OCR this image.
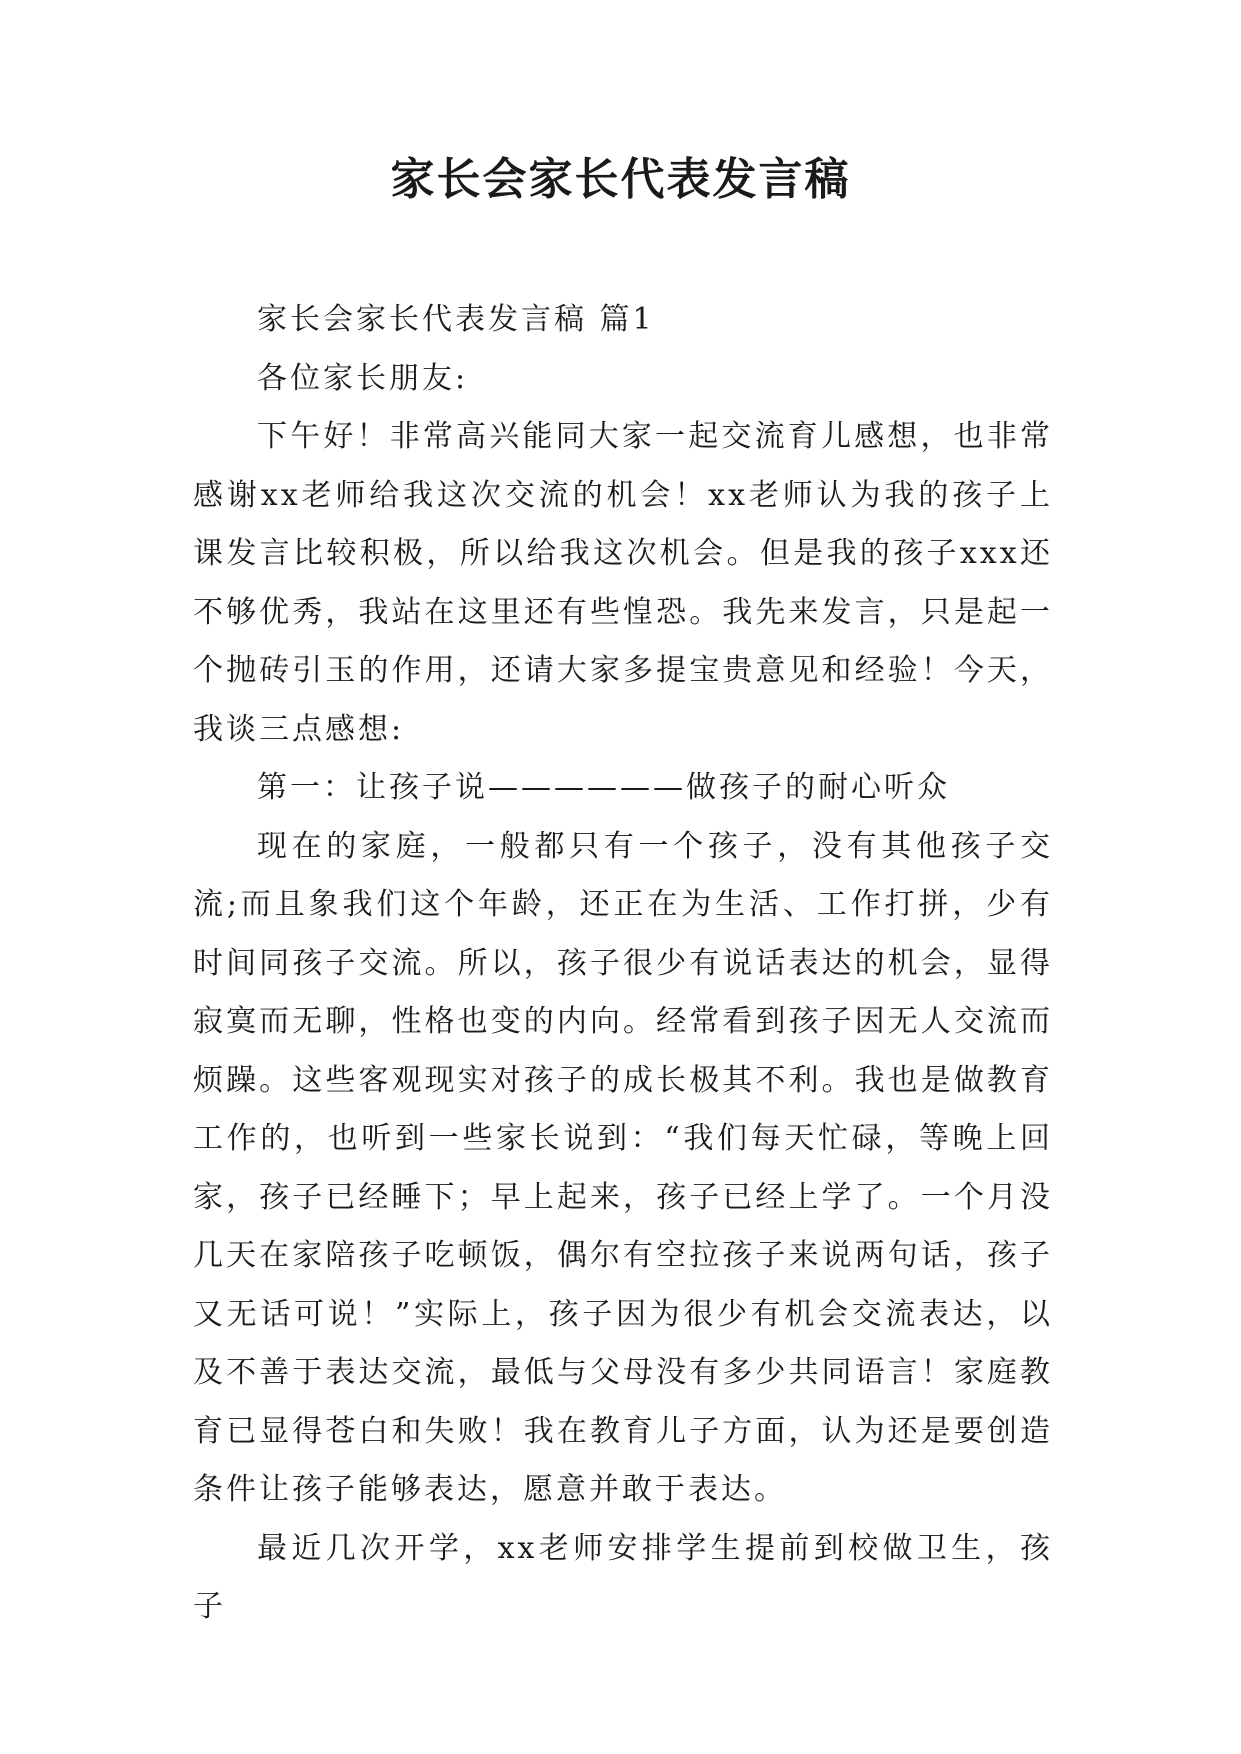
家长会家长代表发言稿

家长会家长代表发言稿 篇1

各位家长朋友:

下午好！非常高兴能同大家一起交流育儿感想，也非常感谢xx老师给我这次交流的机会！xx老师认为我的孩子上课发言比较积极，所以给我这次机会。但是我的孩子xxx还不够优秀，我站在这里还有些惶恐。我先来发言，只是起一个抛砖引玉的作用，还请大家多提宝贵意见和经验！今天，我谈三点感想:

第一：让孩子说——————做孩子的耐心听众

现在的家庭，一般都只有一个孩子，没有其他孩子交流;而且象我们这个年龄，还正在为生活、工作打拼，少有时间同孩子交流。所以，孩子很少有说话表达的机会，显得寂寞而无聊，性格也变的内向。经常看到孩子因无人交流而烦躁。这些客观现实对孩子的成长极其不利。我也是做教育工作的，也听到一些家长说到：“我们每天忙碌，等晚上回家，孩子已经睡下；早上起来，孩子已经上学了。一个月没几天在家陪孩子吃顿饭，偶尔有空拉孩子来说两句话，孩子又无话可说！”实际上，孩子因为很少有机会交流表达，以及不善于表达交流，最低与父母没有多少共同语言！家庭教育已显得苍白和失败！我在教育儿子方面，认为还是要创造条件让孩子能够表达，愿意并敢于表达。

最近几次开学，xx老师安排学生提前到校做卫生，孩子
